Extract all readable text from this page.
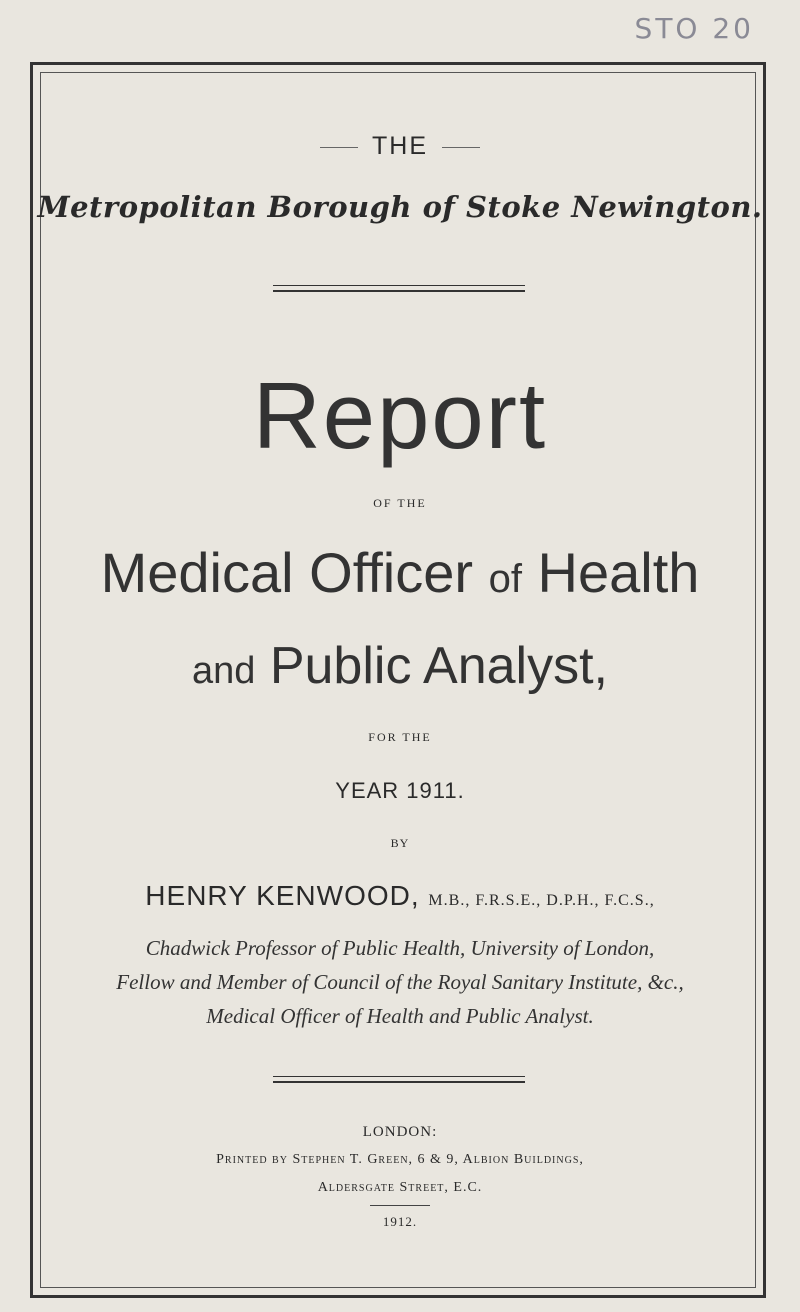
STO 20
THE
Metropolitan Borough of Stoke Newington.
Report
OF THE
Medical Officer of Health
and Public Analyst,
FOR THE
YEAR 1911.
BY
HENRY KENWOOD, M.B., F.R.S.E., D.P.H., F.C.S.,
Chadwick Professor of Public Health, University of London,
Fellow and Member of Council of the Royal Sanitary Institute, &c.,
Medical Officer of Health and Public Analyst.
LONDON:
Printed by Stephen T. Green, 6 & 9, Albion Buildings,
Aldersgate Street, E.C.
1912.
